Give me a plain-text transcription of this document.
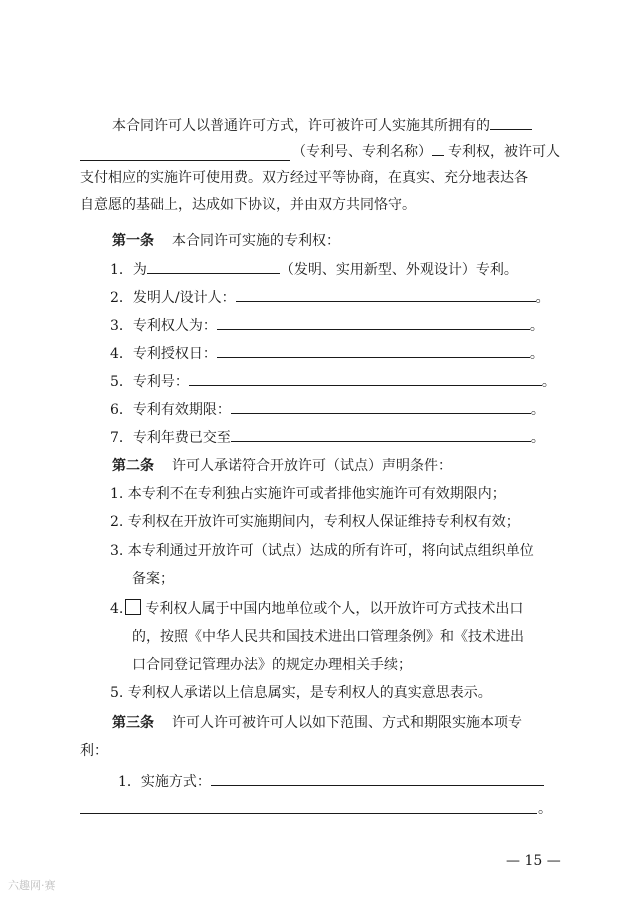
本合同许可人以普通许可方式，许可被许可人实施其所拥有的
（专利号、专利名称） 专利权，被许可人
支付相应的实施许可使用费。双方经过平等协商，在真实、充分地表达各
自意愿的基础上，达成如下协议，并由双方共同恪守。
第一条 本合同许可实施的专利权：
1．为	（发明、实用新型、外观设计）专利。
2．发明人/设计人：	。
3．专利权人为：	。
4．专利授权日：	。
5．专利号：	。
6．专利有效期限：	。
7．专利年费已交至	。
第二条 许可人承诺符合开放许可（试点）声明条件：
1. 本专利不在专利独占实施许可或者排他实施许可有效期限内；
2. 专利权在开放许可实施期间内，专利权人保证维持专利权有效；
3. 本专利通过开放许可（试点）达成的所有许可，将向试点组织单位
备案；
4. 专利权人属于中国内地单位或个人，以开放许可方式技术出口
的，按照《中华人民共和国技术进出口管理条例》和《技术进出
口合同登记管理办法》的规定办理相关手续；
5. 专利权人承诺以上信息属实，是专利权人的真实意思表示。
第三条 许可人许可被许可人以如下范围、方式和期限实施本项专
利：
1．实施方式：
。
— 15 —
六趣网·赛
